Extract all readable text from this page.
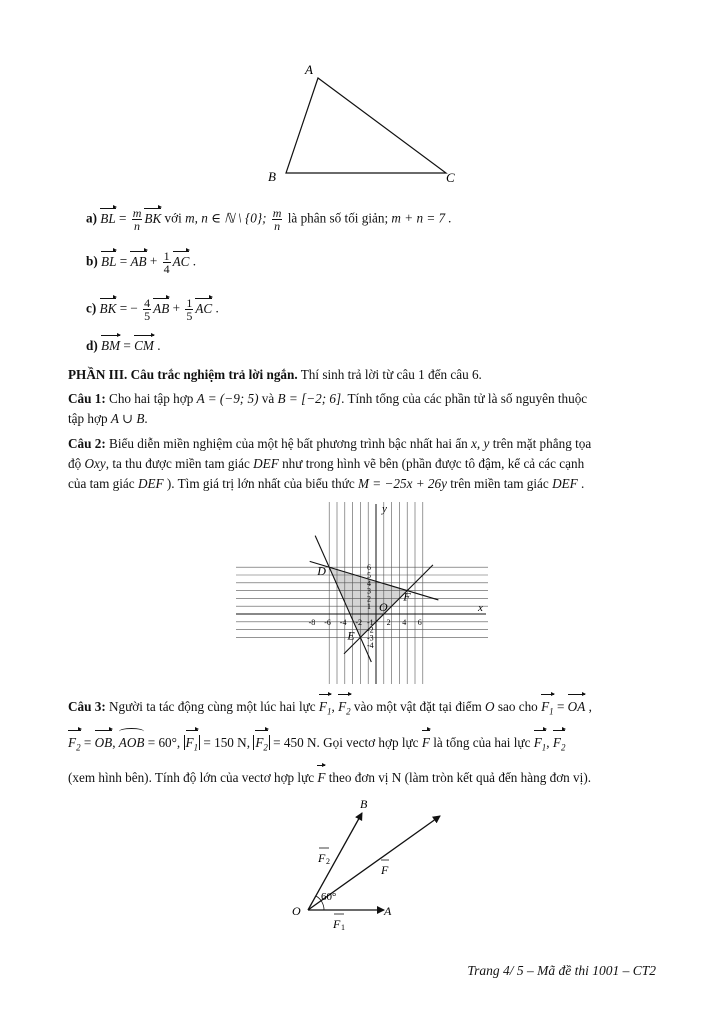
A
B	C
a) BL = $\frac{m}{n}$ BK với m, n ∈ ℕ \ {0}; $\frac{m}{n}$ là phân số tối giản; m + n = 7 .
b) BL = AB + $\frac{1}{4}$ AC .
c) BK = − $\frac{4}{5}$ AB + $\frac{1}{5}$ AC .
d) BM = CM .
PHẦN III. Câu trắc nghiệm trả lời ngắn. Thí sinh trả lời từ câu 1 đến câu 6.
Câu 1: Cho hai tập hợp A = (−9; 5) và B = [−2; 6]. Tính tổng của các phần tử là số nguyên thuộc
tập hợp A ∪ B.
Câu 2: Biểu diễn miền nghiệm của một hệ bất phương trình bậc nhất hai ẩn x, y trên mặt phẳng tọa
độ Oxy, ta thu được miền tam giác DEF như trong hình vẽ bên (phần được tô đậm, kể cả các cạnh
của tam giác DEF ). Tìm giá trị lớn nhất của biểu thức M = −25x + 26y trên miền tam giác DEF .
-8 -6 -4 -2	2 4 6
-4
-3
-2
-1
1
2
3
4
5
6
x
y
O
D
E
F
Câu 3: Người ta tác động cùng một lúc hai lực $F_1$, $F_2$ vào một vật đặt tại điểm O sao cho $F_1$ = OA ,
$F_2$ = OB, AOB = 60°, $F_1 = 150$ N, $F_2 = 450$ N. Gọi vectơ hợp lực F là tổng của hai lực $F_1$, $F_2$
(xem hình bên). Tính độ lớn của vectơ hợp lực F theo đơn vị N (làm tròn kết quả đến hàng đơn vị).
B
A
O
60°
F
F 2
F 1
Trang 4/ 5 – Mã đề thi 1001 – CT2
